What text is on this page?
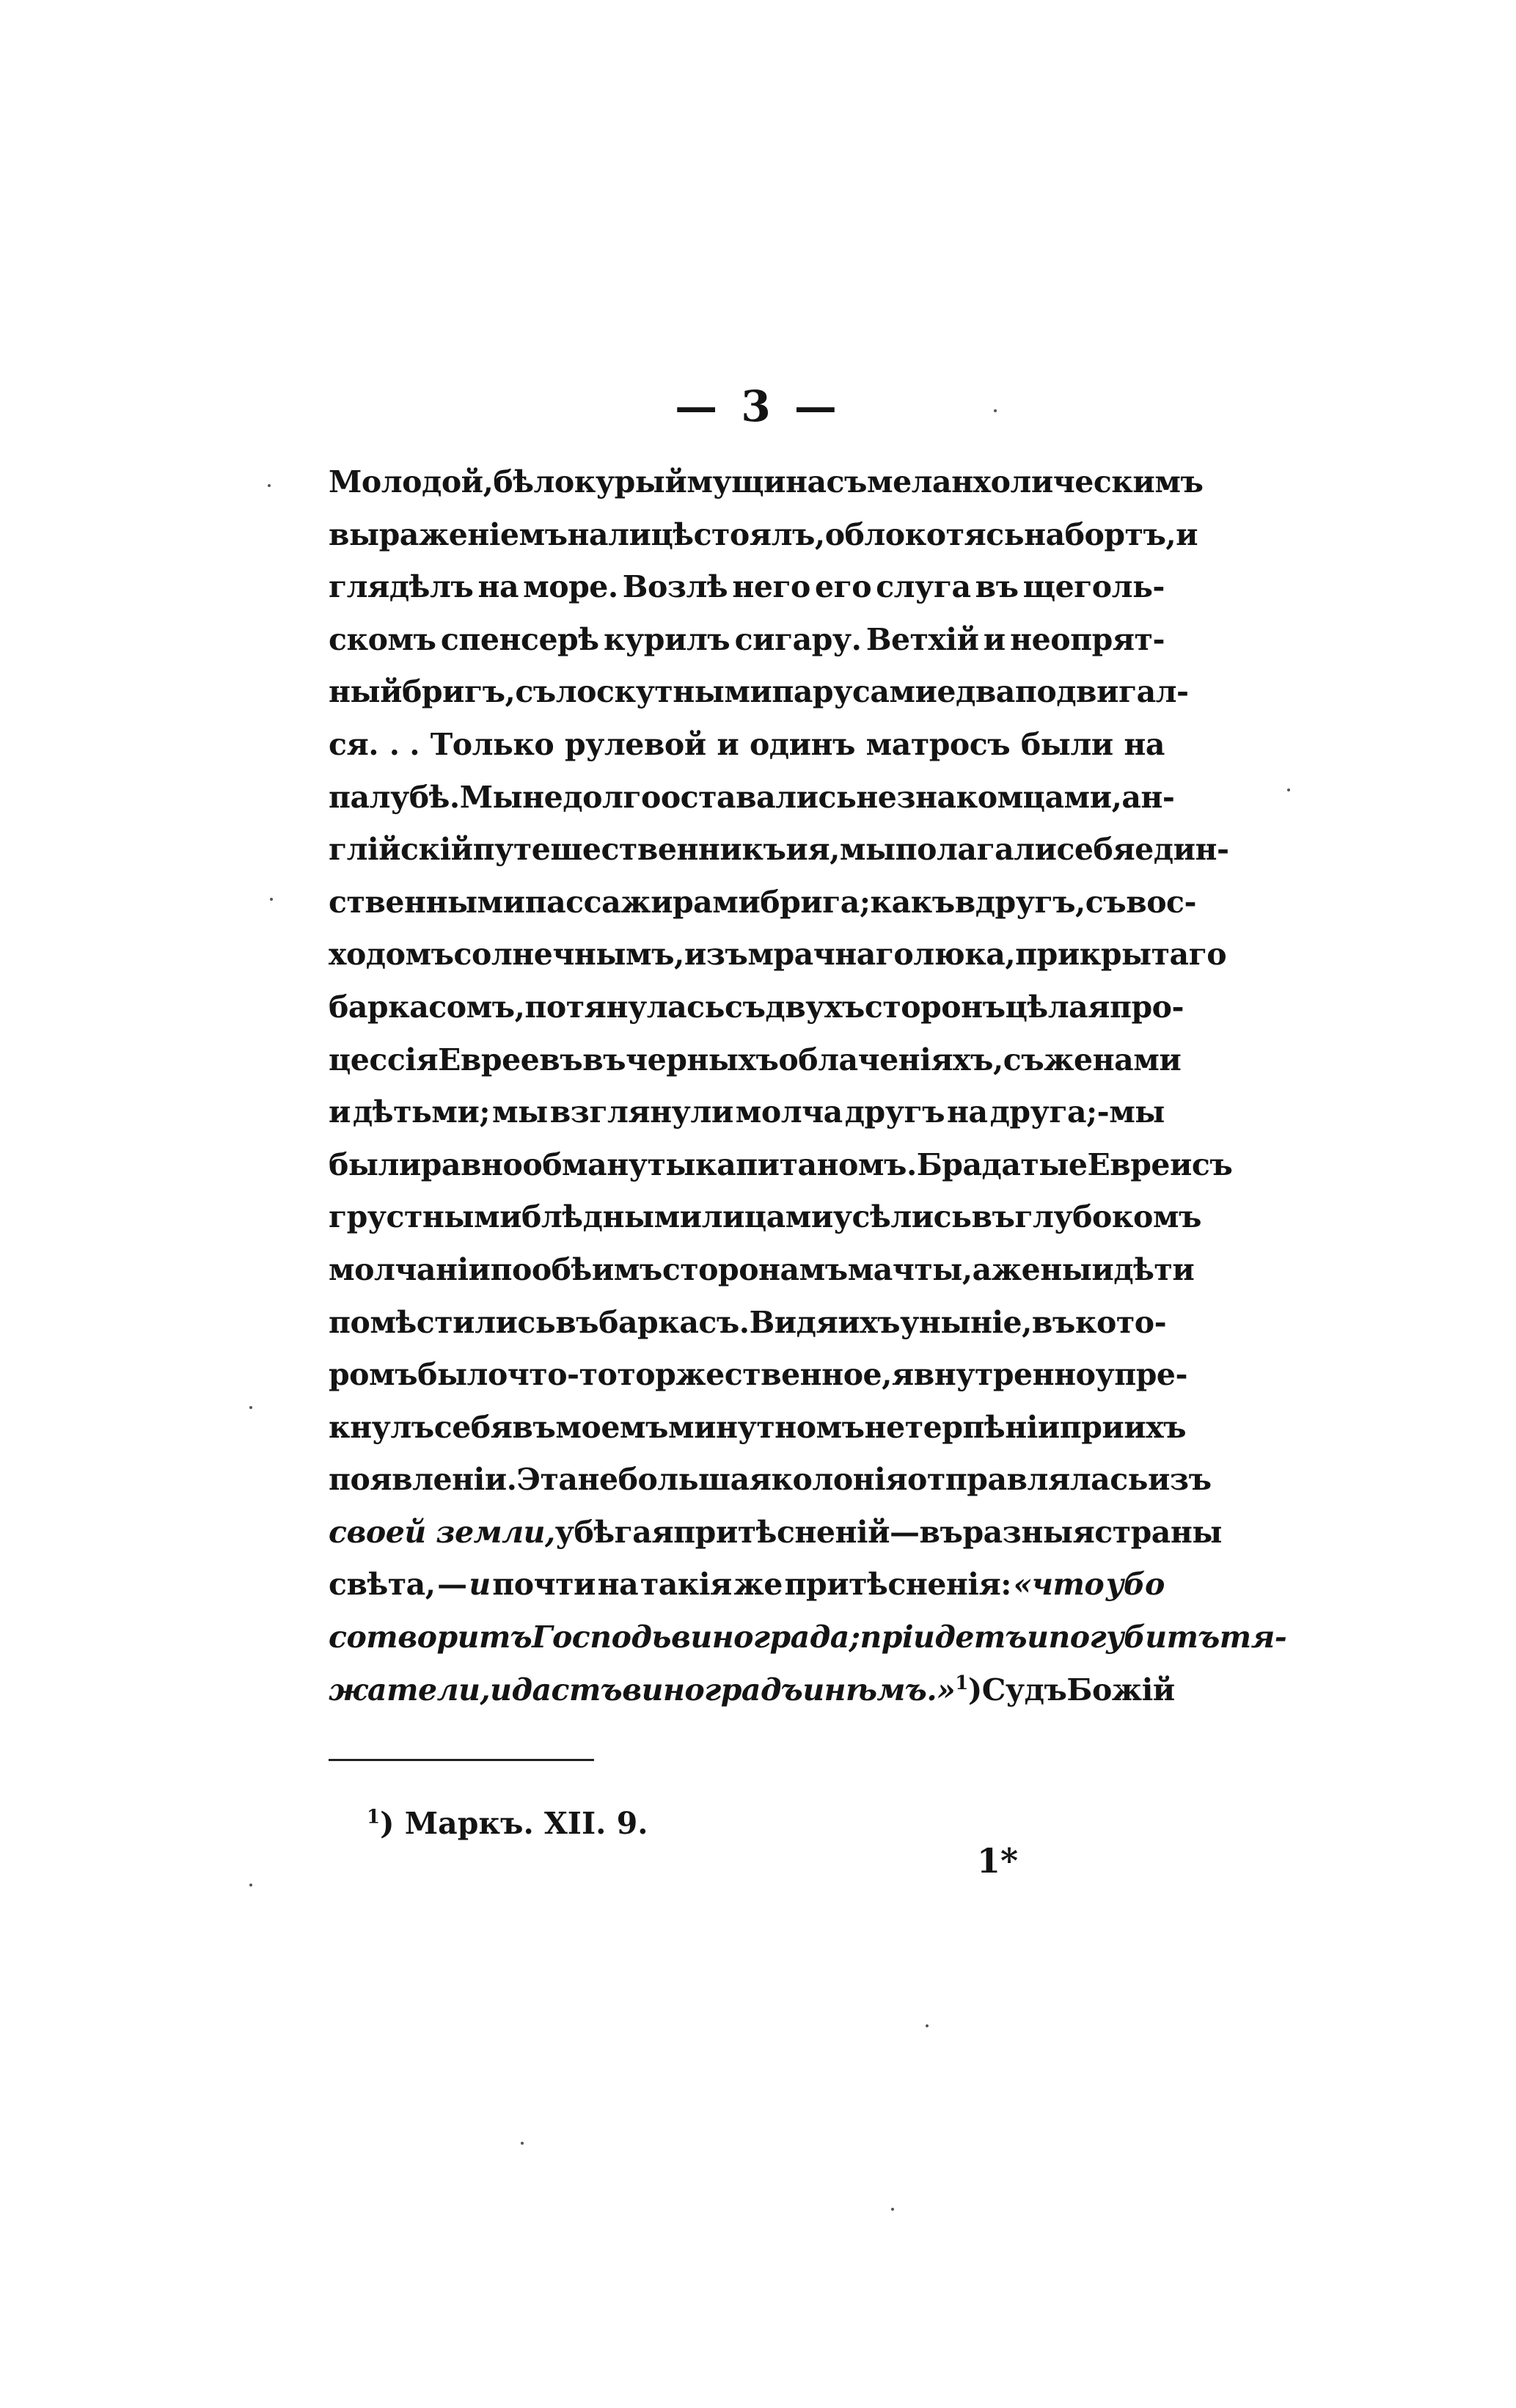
— 3 —
Молодой, бѣлокурый мущина съ меланхолическимъ
выраженіемъ на лицѣ стоялъ, облокотясь на бортъ, и
глядѣлъ на море. Возлѣ него его слуга въ щеголь-
скомъ спенсерѣ курилъ сигару. Ветхій и неопрят-
ный бригъ, съ лоскутными парусами едва подвигал-
ся. . . Только рулевой и одинъ матросъ были на
палубѣ. Мы недолго оставались незнакомцами, ан-
глійскій путешественникъ и я, мы полагали себя един-
ственными пассажирами брига; какъ вдругъ, съ вос-
ходомъ солнечнымъ, изъ мрачнаго люка, прикрытаго
баркасомъ, потянулась съ двухъ сторонъ цѣлая про-
цессія Евреевъ въ черныхъ облаченіяхъ, съ женами
и дѣтьми; мы взглянули молча другъ на друга;-мы
были равно обмануты капитаномъ. Брадатые Евреи съ
грустными блѣдными лицами усѣлись въ глубокомъ
молчаніи по обѣимъ сторонамъ мачты, а жены и дѣти
помѣстились въ баркасъ. Видя ихъ уныніе, въ кото-
ромъ было что-то торжественное, я внутренно упре-
кнулъ себя въ моемъ минутномъ нетерпѣніи при ихъ
появленіи. Эта небольшая колонія отправлялась изъ
своей земли, убѣгая притѣсненій—въ разныя страны
свѣта, — и почти на такія же притѣсненія: «что убо
сотворитъ Господь винограда; пріидетъ и погубитъ тя-
жатели, и дастъ виноградъ инѣмъ.» 1) Судъ Божій
$^1$) Маркъ. XII. 9.
1*
